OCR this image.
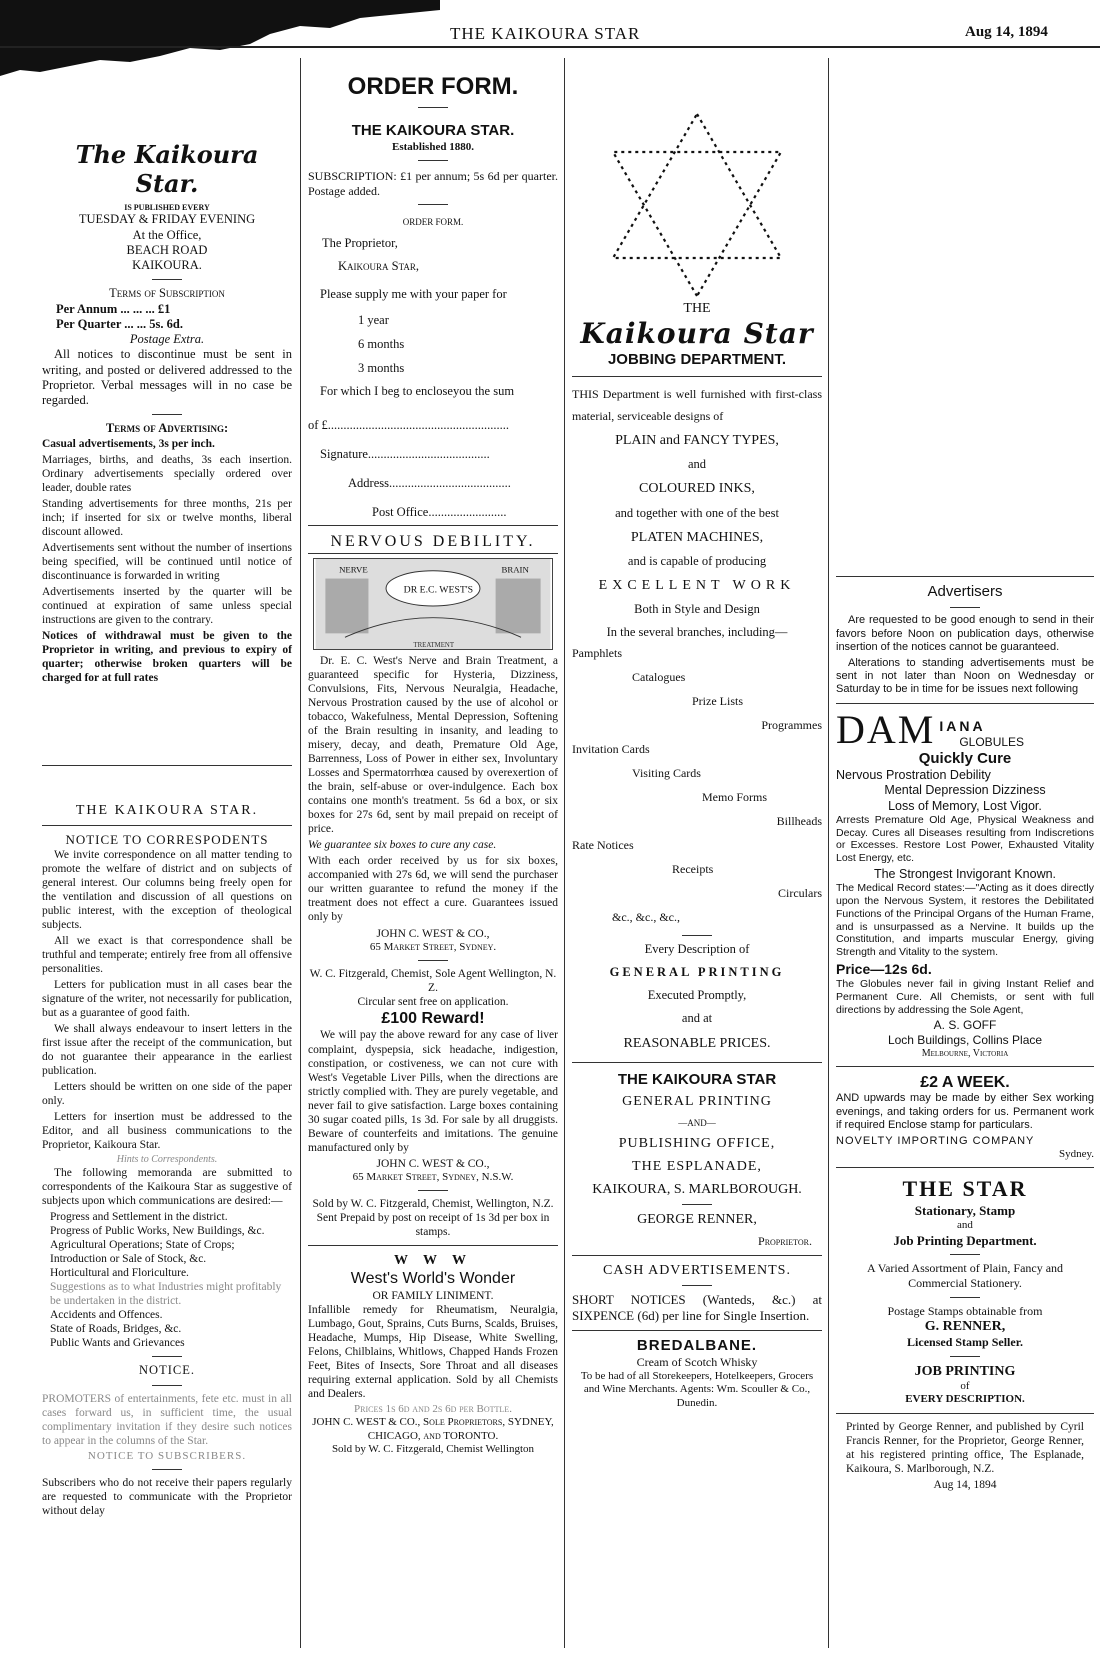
THE KAIKOURA STAR	Aug 14, 1894
The Kaikoura Star.
IS PUBLISHED EVERY
TUESDAY & FRIDAY EVENING
At the Office,
BEACH ROAD
KAIKOURA.
Terms of Subscription
Per Annum ... ... ... £1
Per Quarter ... ... 5s. 6d.
Postage Extra.

All notices to discontinue must be sent in writing, and posted or delivered addressed to the Proprietor. Verbal messages will in no case be regarded.

Terms of Advertising:

Casual advertisements, 3s per inch.

Marriages, births, and deaths, 3s each insertion. Ordinary advertisements specially ordered over leader, double rates

Standing advertisements for three months, 21s per inch; if inserted for six or twelve months, liberal discount allowed.

Advertisements sent without the number of insertions being specified, will be continued until notice of discontinuance is forwarded in writing

Advertisements inserted by the quarter will be continued at expiration of same unless special instructions are given to the contrary.

Notices of withdrawal must be given to the Proprietor in writing, and previous to expiry of quarter; otherwise broken quarters will be charged for at full rates

THE KAIKOURA STAR.
NOTICE TO CORRESPODENTS

We invite correspondence on all matter tending to promote the welfare of district and on subjects of general interest. Our columns being freely open for the ventilation and discussion of all questions on public interest, with the exception of theological subjects.

All we exact is that correspondence shall be truthful and temperate; entirely free from all offensive personalities.

Letters for publication must in all cases bear the signature of the writer, not necessarily for publication, but as a guarantee of good faith.

We shall always endeavour to insert letters in the first issue after the receipt of the communication, but do not guarantee their appearance in the earliest publication.

Letters should be written on one side of the paper only.

Letters for insertion must be addressed to the Editor, and all business communications to the Proprietor, Kaikoura Star.

Hints to Correspondents.

The following memoranda are submitted to correspondents of the Kaikoura Star as suggestive of subjects upon which communications are desired:—

Progress and Settlement in the district.
Progress of Public Works, New Buildings, &c.
Agricultural Operations; State of Crops; Introduction or Sale of Stock, &c.
Horticultural and Floriculture.
Suggestions as to what Industries might profitably be undertaken in the district.
Accidents and Offences.
State of Roads, Bridges, &c.
Public Wants and Grievances
NOTICE.

PROMOTERS of entertainments, fete etc. must in all cases forward us, in sufficient time, the usual complimentary invitation if they desire such notices to appear in the columns of the Star.

NOTICE TO SUBSCRIBERS.

Subscribers who do not receive their papers regularly are requested to communicate with the Proprietor without delay

ORDER FORM.
THE KAIKOURA STAR.
Established 1880.

SUBSCRIPTION: £1 per annum; 5s 6d per quarter. Postage added.

ORDER FORM.
The Proprietor,
Kaikoura Star,

Please supply me with your paper for

1 year
6 months
3 months
For which I beg to encloseyou the sum
of £..........................................................
Signature.......................................
Address.......................................
Post Office.........................
NERVOUS DEBILITY.
NERVE	BRAIN
DR E.C. WEST'S
TREATMENT

Dr. E. C. West's Nerve and Brain Treatment, a guaranteed specific for Hysteria, Dizziness, Convulsions, Fits, Nervous Neuralgia, Headache, Nervous Prostration caused by the use of alcohol or tobacco, Wakefulness, Mental Depression, Softening of the Brain resulting in insanity, and leading to misery, decay, and death, Premature Old Age, Barrenness, Loss of Power in either sex, Involuntary Losses and Spermatorrhœa caused by overexertion of the brain, self-abuse or over-indulgence. Each box contains one month's treatment. 5s 6d a box, or six boxes for 27s 6d, sent by mail prepaid on receipt of price.

We guarantee six boxes to cure any case.

With each order received by us for six boxes, accompanied with 27s 6d, we will send the purchaser our written guarantee to refund the money if the treatment does not effect a cure. Guarantees issued only by

JOHN C. WEST & CO.,
65 Market Street, Sydney.
W. C. Fitzgerald, Chemist, Sole Agent Wellington, N. Z.
Circular sent free on application.
£100 Reward!

We will pay the above reward for any case of liver complaint, dyspepsia, sick headache, indigestion, constipation, or costiveness, we can not cure with West's Vegetable Liver Pills, when the directions are strictly complied with. They are purely vegetable, and never fail to give satisfaction. Large boxes containing 30 sugar coated pills, 1s 3d. For sale by all druggists. Beware of counterfeits and imitations. The genuine manufactured only by

JOHN C. WEST & CO.,
65 Market Street, Sydney, N.S.W.
Sold by W. C. Fitzgerald, Chemist, Wellington, N.Z.
Sent Prepaid by post on receipt of 1s 3d per box in stamps.
W W W
West's World's Wonder
OR FAMILY LINIMENT.

Infallible remedy for Rheumatism, Neuralgia, Lumbago, Gout, Sprains, Cuts Burns, Scalds, Bruises, Headache, Mumps, Hip Disease, White Swelling, Felons, Chilblains, Whitlows, Chapped Hands Frozen Feet, Bites of Insects, Sore Throat and all diseases requiring external application. Sold by all Chemists and Dealers.

Prices 1s 6d and 2s 6d per Bottle.
JOHN C. WEST & CO., Sole Proprietors, SYDNEY, CHICAGO, and TORONTO.
Sold by W. C. Fitzgerald, Chemist Wellington
THE
Kaikoura Star
JOBBING DEPARTMENT.

THIS Department is well furnished with first-class material, serviceable designs of

PLAIN and FANCY TYPES,
and
COLOURED INKS,
and together with one of the best
PLATEN MACHINES,
and is capable of producing
EXCELLENT WORK
Both in Style and Design
In the several branches, including—
Pamphlets
Catalogues
Prize Lists
Programmes
Invitation Cards
Visiting Cards
Memo Forms
Billheads
Rate Notices
Receipts
Circulars
&c., &c., &c.,
Every Description of
GENERAL PRINTING
Executed Promptly,
and at
REASONABLE PRICES.
THE KAIKOURA STAR
GENERAL PRINTING
—AND—
PUBLISHING OFFICE,
THE ESPLANADE,
KAIKOURA, S. MARLBOROUGH.
GEORGE RENNER,
Proprietor.
CASH ADVERTISEMENTS.

SHORT NOTICES (Wanteds, &c.) at SIXPENCE (6d) per line for Single Insertion.

BREDALBANE.
Cream of Scotch Whisky
To be had of all Storekeepers, Hotelkeepers, Grocers and Wine Merchants. Agents: Wm. Scouller & Co., Dunedin.
Advertisers

Are requested to be good enough to send in their favors before Noon on publication days, otherwise insertion of the notices cannot be guaranteed.

Alterations to standing advertisements must be sent in not later than Noon on Wednesday or Saturday to be in time for be issues next following

DAM IANA
GLOBULES
Quickly Cure
Nervous Prostration Debility
Mental Depression Dizziness
Loss of Memory, Lost Vigor.

Arrests Premature Old Age, Physical Weakness and Decay. Cures all Diseases resulting from Indiscretions or Excesses. Restore Lost Power, Exhausted Vitality Lost Energy, etc.

The Strongest Invigorant Known.

The Medical Record states:—"Acting as it does directly upon the Nervous System, it restores the Debilitated Functions of the Principal Organs of the Human Frame, and is unsurpassed as a Nervine. It builds up the Constitution, and imparts muscular Energy, giving Strength and Vitality to the system.

Price—12s 6d.

The Globules never fail in giving Instant Relief and Permanent Cure. All Chemists, or sent with full directions by addressing the Sole Agent,

A. S. GOFF
Loch Buildings, Collins Place
Melbourne, Victoria
£2 A WEEK.

AND upwards may be made by either Sex working evenings, and taking orders for us. Permanent work if required Enclose stamp for particulars.

NOVELTY IMPORTING COMPANY
Sydney.
THE STAR
Stationary, Stamp
and
Job Printing Department.
A Varied Assortment of Plain, Fancy and Commercial Stationery.
Postage Stamps obtainable from
G. RENNER,
Licensed Stamp Seller.
JOB PRINTING
of
EVERY DESCRIPTION.

Printed by George Renner, and published by Cyril Francis Renner, for the Proprietor, George Renner, at his registered printing office, The Esplanade, Kaikoura, S. Marlborough, N.Z.

Aug 14, 1894
